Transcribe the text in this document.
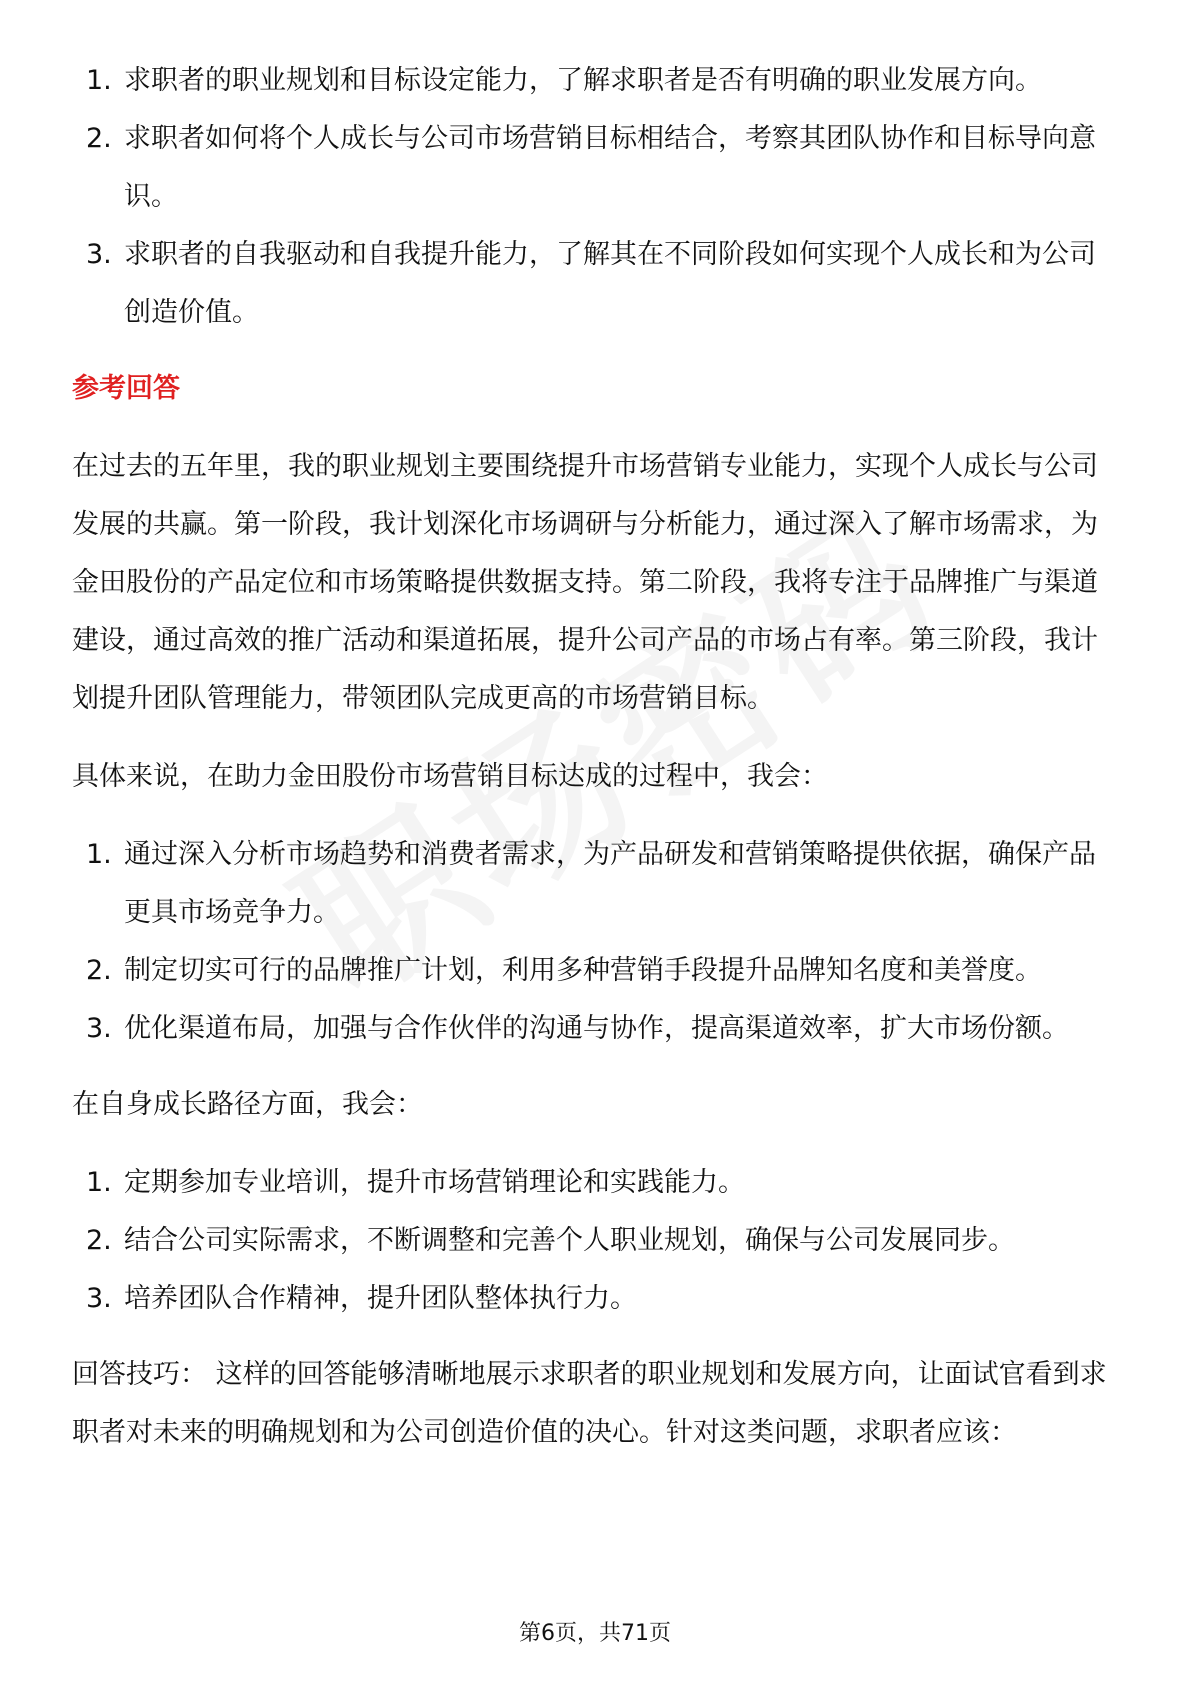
1. 求职者的职业规划和目标设定能力，了解求职者是否有明确的职业发展方向。
2. 求职者如何将个人成长与公司市场营销目标相结合，考察其团队协作和目标导向意识。
3. 求职者的自我驱动和自我提升能力，了解其在不同阶段如何实现个人成长和为公司创造价值。
参考回答

在过去的五年里，我的职业规划主要围绕提升市场营销专业能力，实现个人成长与公司发展的共赢。第一阶段，我计划深化市场调研与分析能力，通过深入了解市场需求，为金田股份的产品定位和市场策略提供数据支持。第二阶段，我将专注于品牌推广与渠道建设，通过高效的推广活动和渠道拓展，提升公司产品的市场占有率。第三阶段，我计划提升团队管理能力，带领团队完成更高的市场营销目标。

具体来说，在助力金田股份市场营销目标达成的过程中，我会：

1. 通过深入分析市场趋势和消费者需求，为产品研发和营销策略提供依据，确保产品更具市场竞争力。
2. 制定切实可行的品牌推广计划，利用多种营销手段提升品牌知名度和美誉度。
3. 优化渠道布局，加强与合作伙伴的沟通与协作，提高渠道效率，扩大市场份额。

在自身成长路径方面，我会：

1. 定期参加专业培训，提升市场营销理论和实践能力。
2. 结合公司实际需求，不断调整和完善个人职业规划，确保与公司发展同步。
3. 培养团队合作精神，提升团队整体执行力。

回答技巧： 这样的回答能够清晰地展示求职者的职业规划和发展方向，让面试官看到求职者对未来的明确规划和为公司创造价值的决心。针对这类问题，求职者应该：

第6页，共71页
